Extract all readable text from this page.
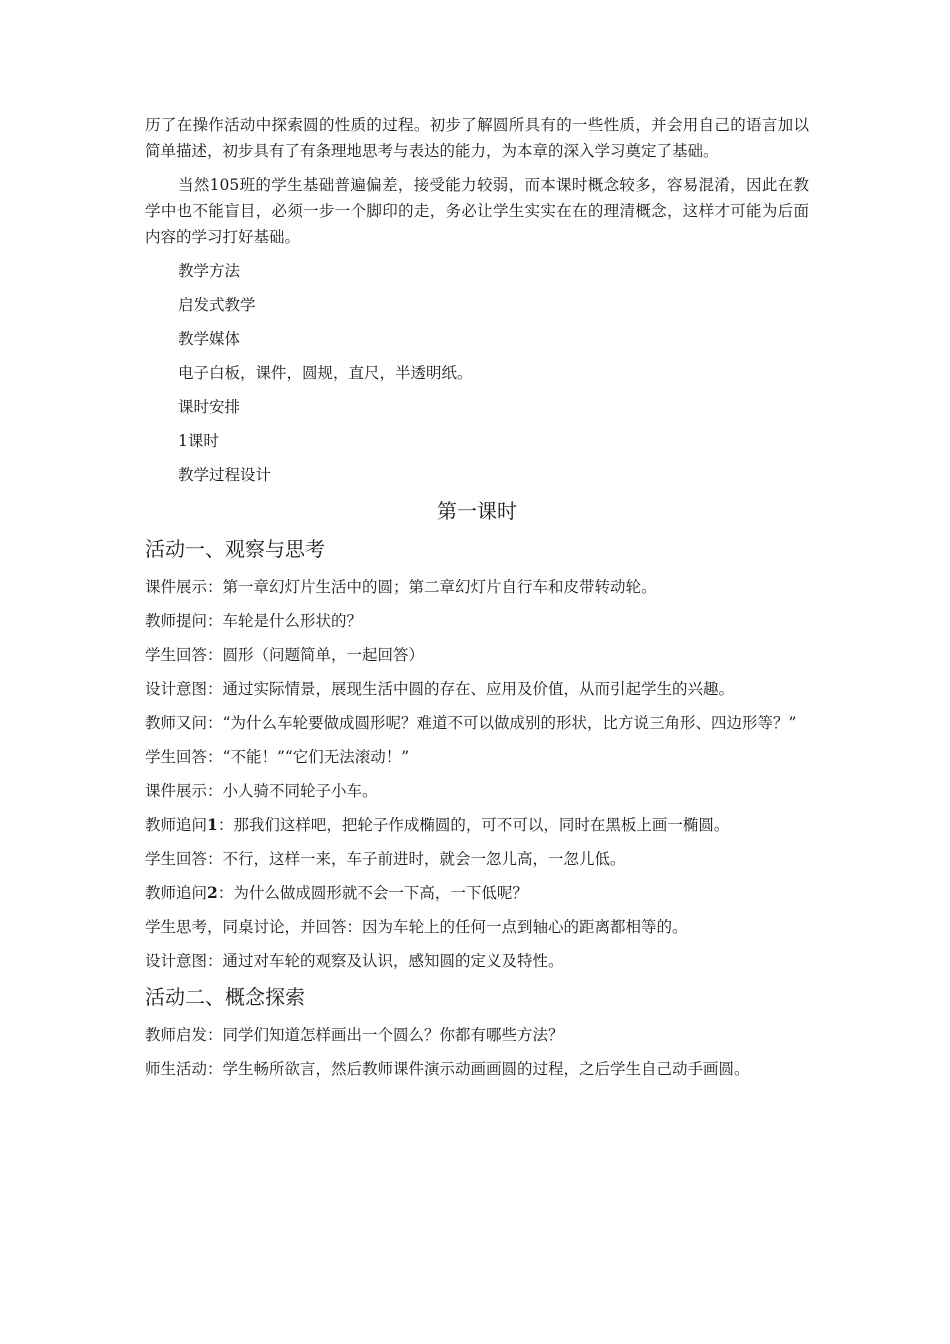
历了在操作活动中探索圆的性质的过程。初步了解圆所具有的一些性质，并会用自己的语言加以简单描述，初步具有了有条理地思考与表达的能力，为本章的深入学习奠定了基础。

当然105班的学生基础普遍偏差，接受能力较弱，而本课时概念较多，容易混淆，因此在教学中也不能盲目，必须一步一个脚印的走，务必让学生实实在在的理清概念，这样才可能为后面内容的学习打好基础。

教学方法

启发式教学

教学媒体

电子白板，课件，圆规，直尺，半透明纸。

课时安排

1课时

教学过程设计

第一课时

活动一、观察与思考

课件展示：第一章幻灯片生活中的圆；第二章幻灯片自行车和皮带转动轮。

教师提问：车轮是什么形状的？

学生回答：圆形（问题简单，一起回答）

设计意图：通过实际情景，展现生活中圆的存在、应用及价值，从而引起学生的兴趣。

教师又问：“为什么车轮要做成圆形呢？难道不可以做成别的形状，比方说三角形、四边形等？”

学生回答：“不能！”“它们无法滚动！”

课件展示：小人骑不同轮子小车。

教师追问1：那我们这样吧，把轮子作成椭圆的，可不可以，同时在黑板上画一椭圆。

学生回答：不行，这样一来，车子前进时，就会一忽儿高，一忽儿低。

教师追问2：为什么做成圆形就不会一下高，一下低呢？

学生思考，同桌讨论，并回答：因为车轮上的任何一点到轴心的距离都相等的。

设计意图：通过对车轮的观察及认识，感知圆的定义及特性。

活动二、概念探索

教师启发：同学们知道怎样画出一个圆么？你都有哪些方法？

师生活动：学生畅所欲言，然后教师课件演示动画画圆的过程，之后学生自己动手画圆。
